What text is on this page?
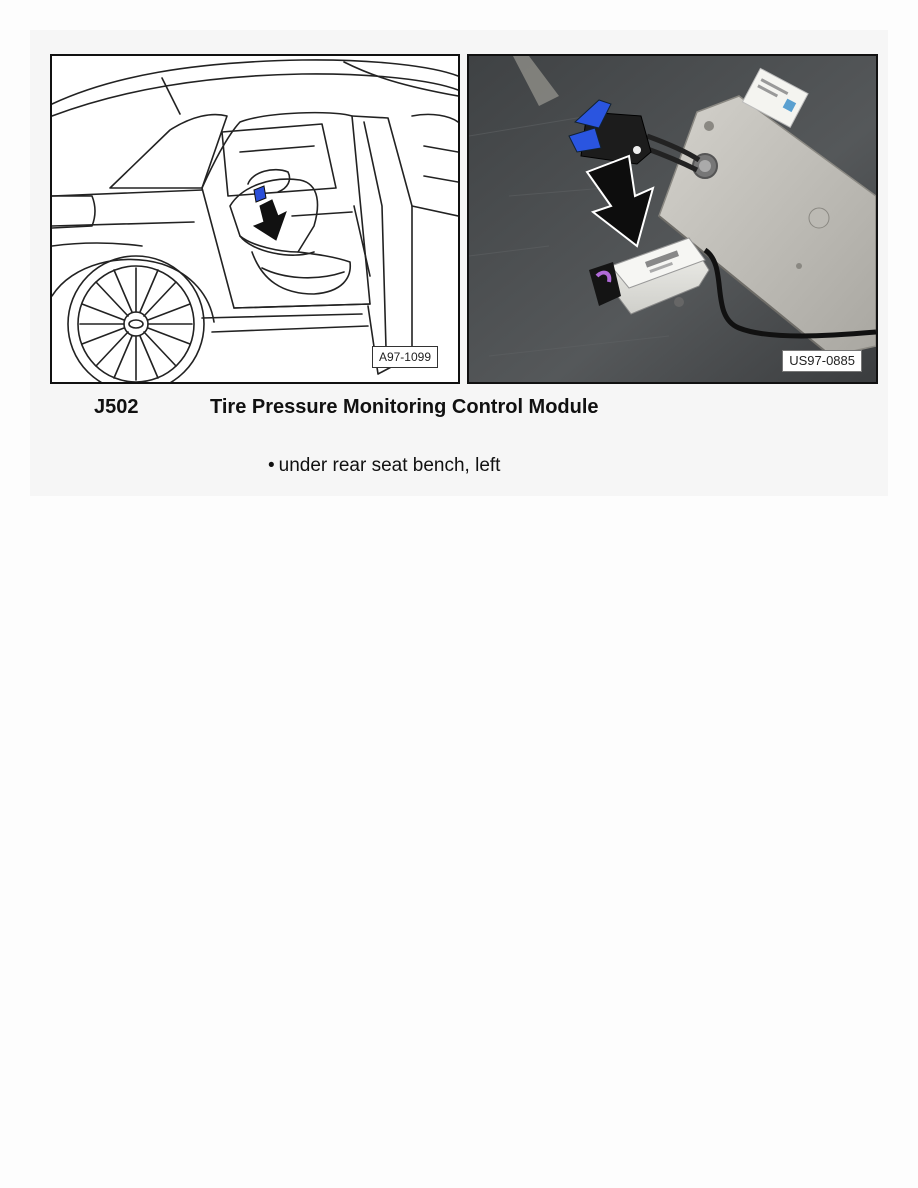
A97-1099	US97-0885
J502	Tire Pressure Monitoring Control Module
• under rear seat bench, left
